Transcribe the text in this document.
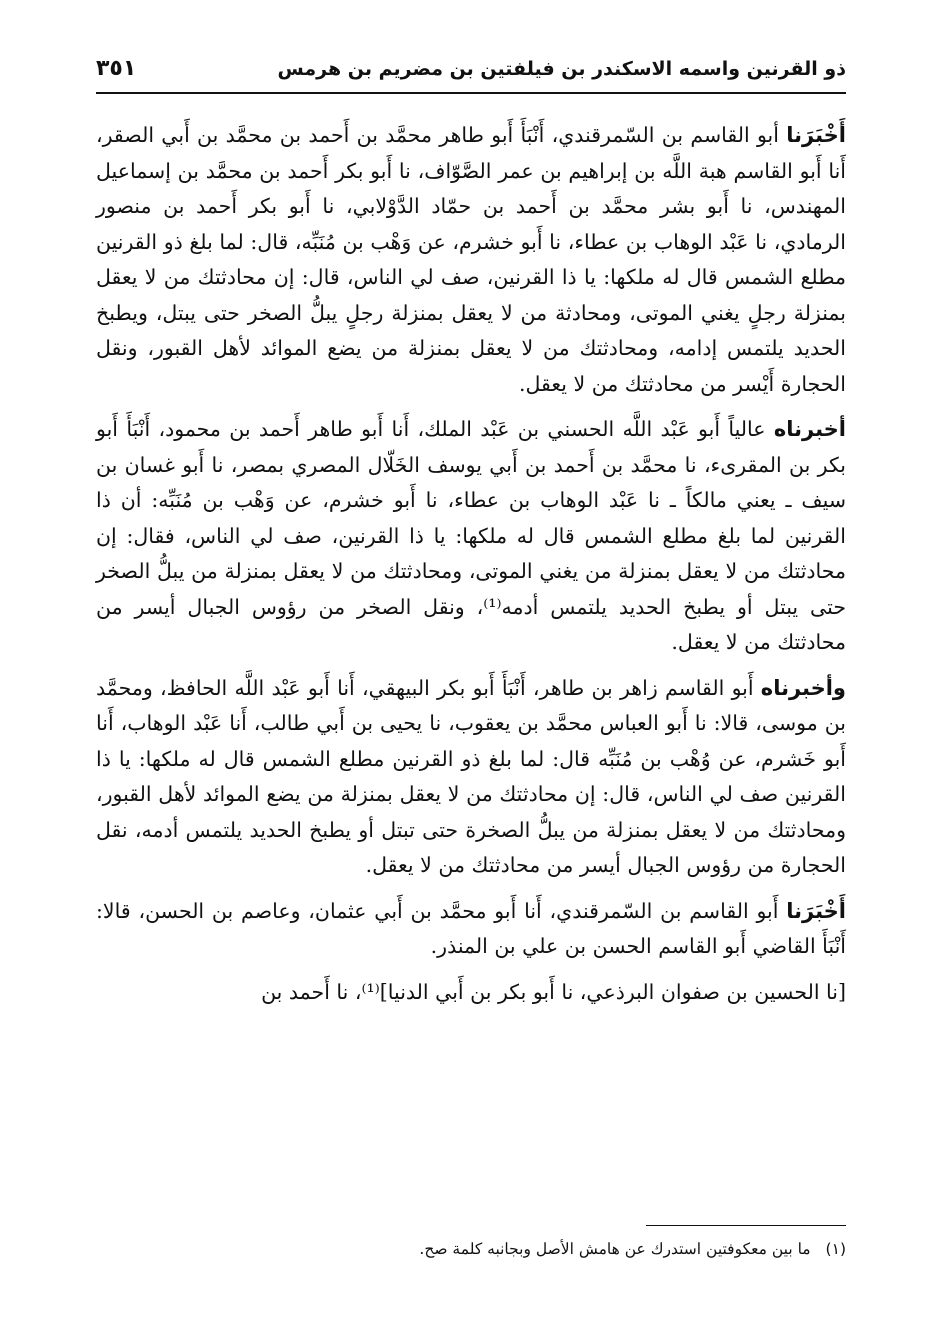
ذو القرنين واسمه الاسكندر بن فيلفتين بن مضريم بن هرمس
٣٥١

أَخْبَرَنا أبو القاسم بن السّمرقندي، أَنْبَأَ أَبو طاهر محمَّد بن أَحمد بن محمَّد بن أَبي الصقر، أَنا أَبو القاسم هبة اللَّه بن إبراهيم بن عمر الصَّوّاف، نا أَبو بكر أَحمد بن محمَّد بن إسماعيل المهندس، نا أَبو بشر محمَّد بن أَحمد بن حمّاد الدَّوْلابي، نا أَبو بكر أَحمد بن منصور الرمادي، نا عَبْد الوهاب بن عطاء، نا أَبو خشرم، عن وَهْب بن مُنَبِّه، قال: لما بلغ ذو القرنين مطلع الشمس قال له ملكها: يا ذا القرنين، صف لي الناس، قال: إن محادثتك من لا يعقل بمنزلة رجلٍ يغني الموتى، ومحادثة من لا يعقل بمنزلة رجلٍ يبلُّ الصخر حتى يبتل، ويطبخ الحديد يلتمس إدامه، ومحادثتك من لا يعقل بمنزلة من يضع الموائد لأهل القبور، ونقل الحجارة أَيْسر من محادثتك من لا يعقل.

أخبرناه عالياً أَبو عَبْد اللَّه الحسني بن عَبْد الملك، أَنا أَبو طاهر أَحمد بن محمود، أَنْبَأَ أَبو بكر بن المقرىء، نا محمَّد بن أَحمد بن أَبي يوسف الخَلّال المصري بمصر، نا أَبو غسان بن سيف ـ يعني مالكاً ـ نا عَبْد الوهاب بن عطاء، نا أَبو خشرم، عن وَهْب بن مُنَبِّه: أن ذا القرنين لما بلغ مطلع الشمس قال له ملكها: يا ذا القرنين، صف لي الناس، فقال: إن محادثتك من لا يعقل بمنزلة من يغني الموتى، ومحادثتك من لا يعقل بمنزلة من يبلُّ الصخر حتى يبتل أو يطبخ الحديد يلتمس أدمه⁽¹⁾، ونقل الصخر من رؤوس الجبال أيسر من محادثتك من لا يعقل.

وأخبرناه أَبو القاسم زاهر بن طاهر، أَنْبَأَ أَبو بكر البيهقي، أَنا أَبو عَبْد اللَّه الحافظ، ومحمَّد بن موسى، قالا: نا أَبو العباس محمَّد بن يعقوب، نا يحيى بن أَبي طالب، أَنا عَبْد الوهاب، أَنا أَبو خَشرم، عن وُهْب بن مُنَبِّه قال: لما بلغ ذو القرنين مطلع الشمس قال له ملكها: يا ذا القرنين صف لي الناس، قال: إن محادثتك من لا يعقل بمنزلة من يضع الموائد لأهل القبور، ومحادثتك من لا يعقل بمنزلة من يبلُّ الصخرة حتى تبتل أو يطبخ الحديد يلتمس أدمه، نقل الحجارة من رؤوس الجبال أيسر من محادثتك من لا يعقل.

أَخْبَرَنا أَبو القاسم بن السّمرقندي، أَنا أَبو محمَّد بن أَبي عثمان، وعاصم بن الحسن، قالا: أَنْبَأَ القاضي أَبو القاسم الحسن بن علي بن المنذر.

[نا الحسين بن صفوان البرذعي، نا أَبو بكر بن أَبي الدنيا]⁽¹⁾، نا أَحمد بن

(١) ما بين معكوفتين استدرك عن هامش الأصل وبجانبه كلمة صح.
